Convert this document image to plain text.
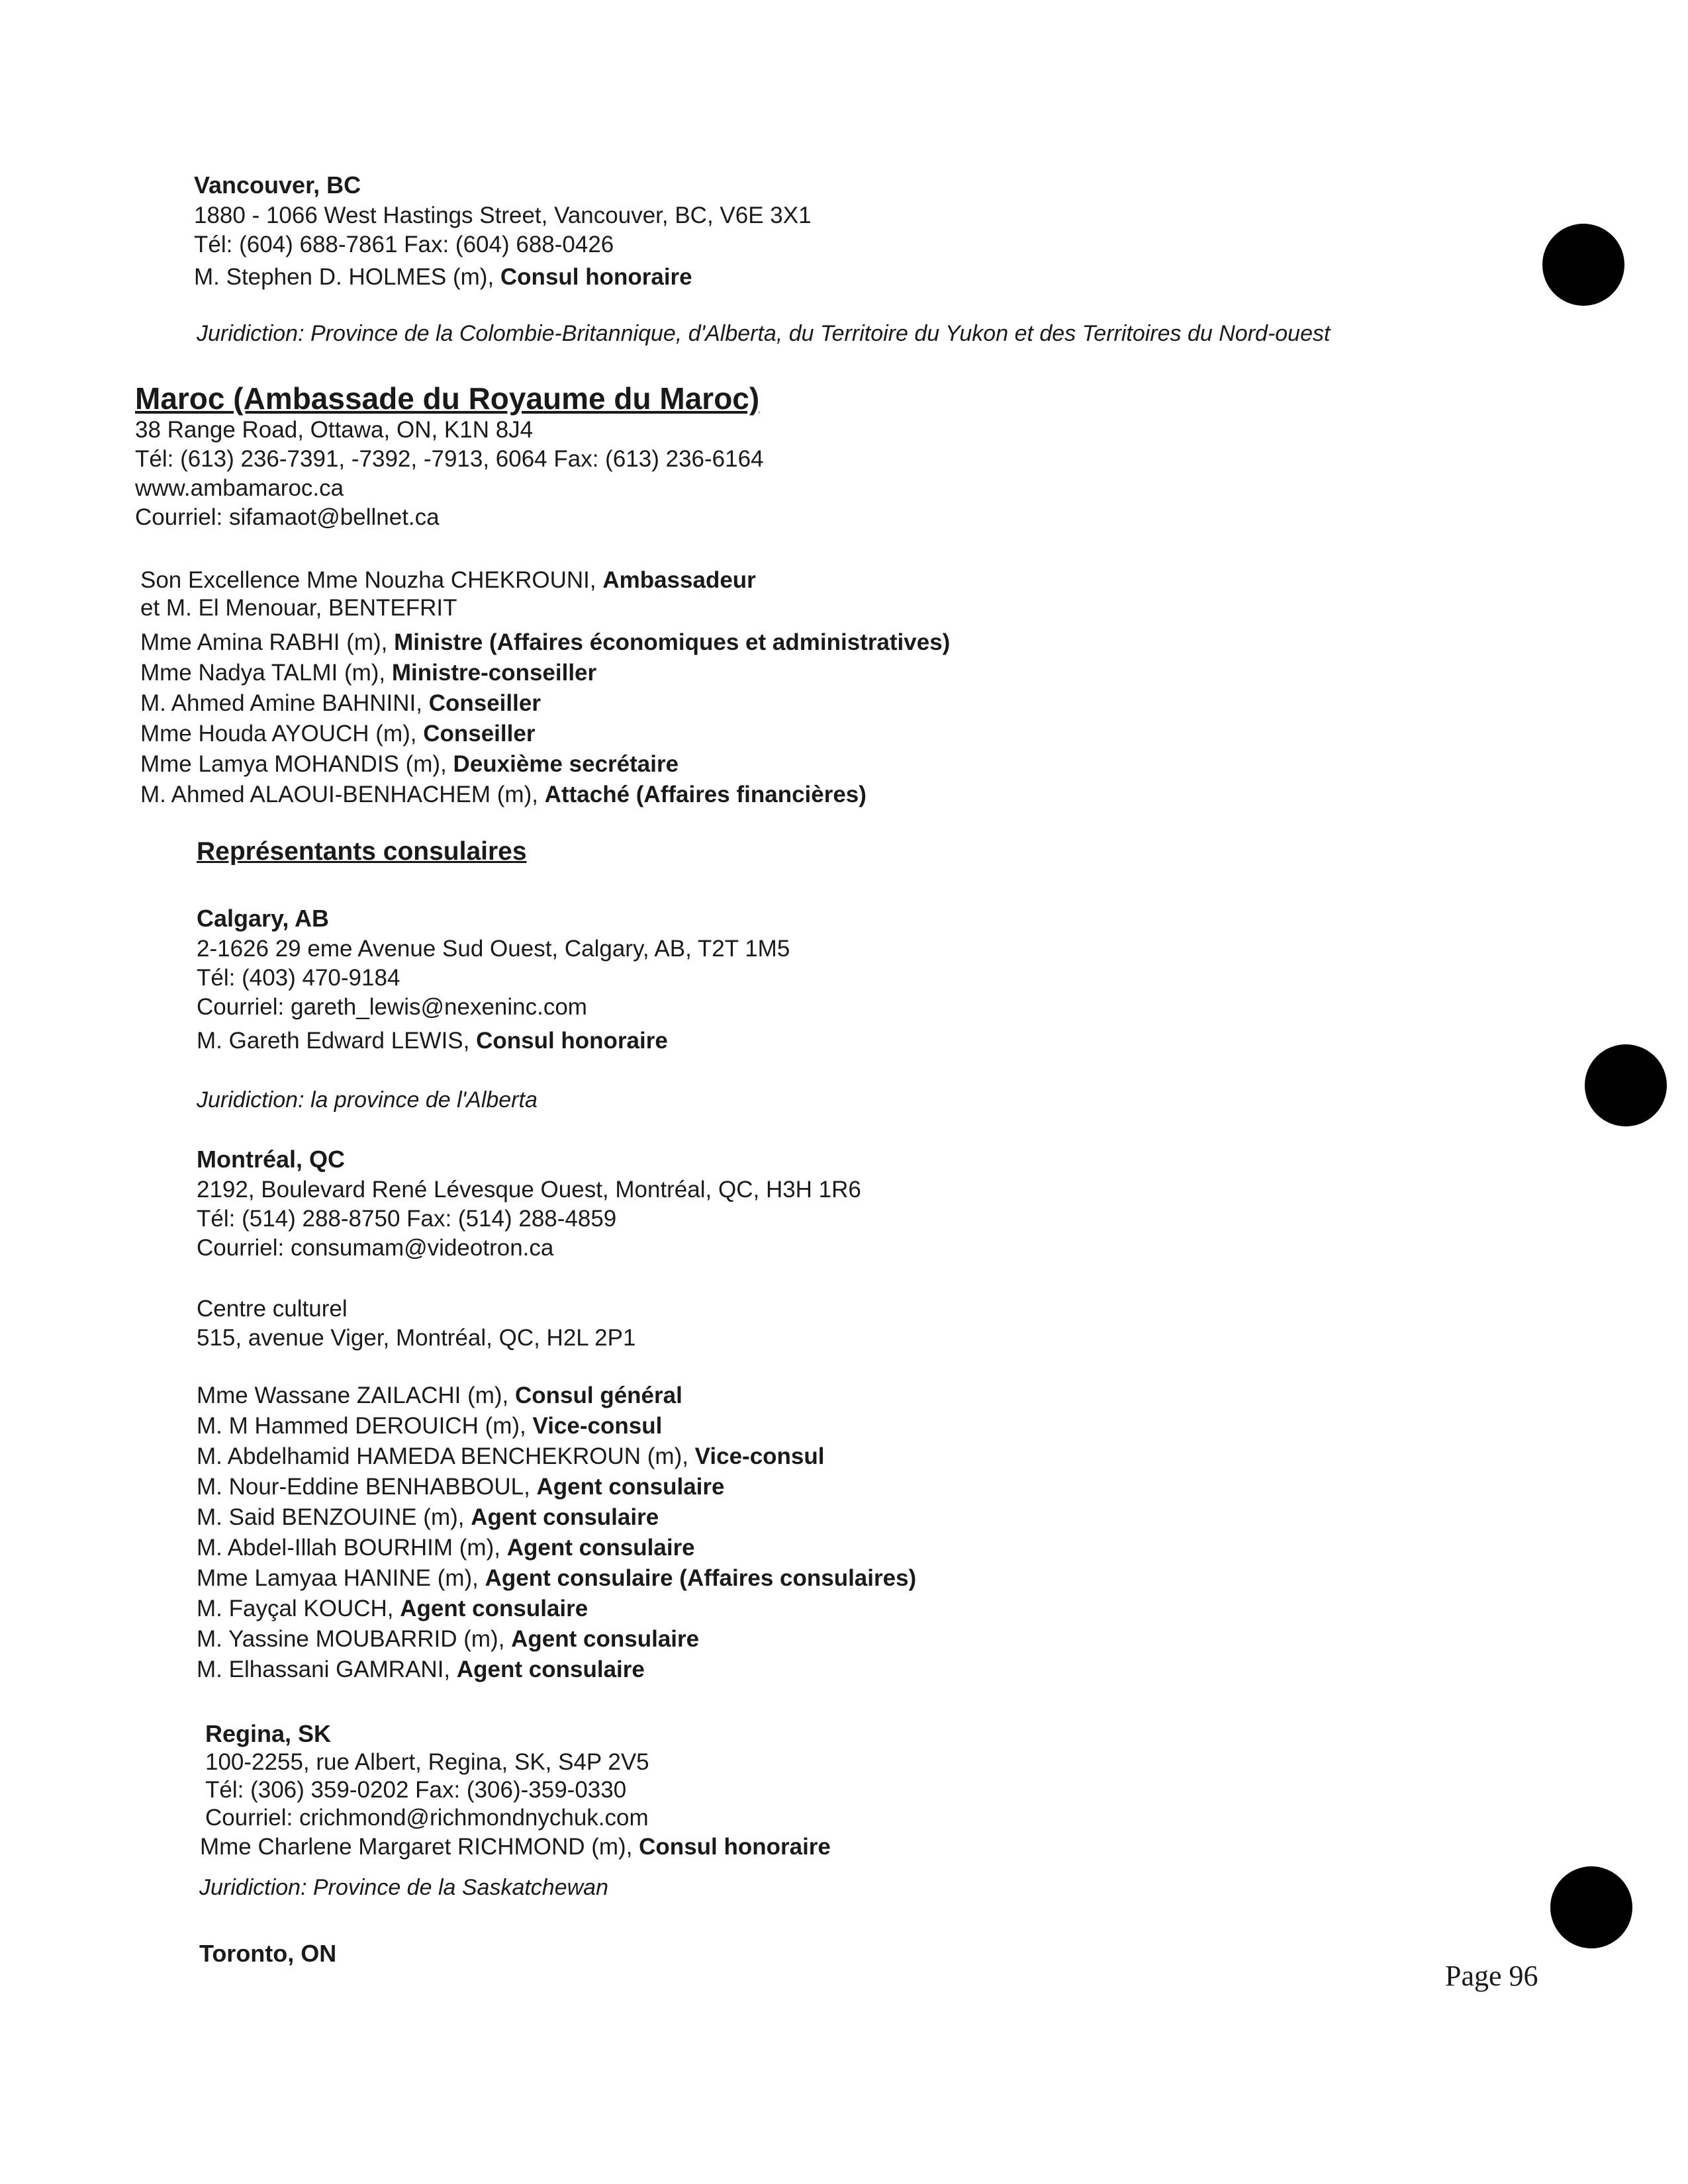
Vancouver, BC
1880 - 1066 West Hastings Street, Vancouver, BC, V6E 3X1
Tél: (604) 688-7861 Fax: (604) 688-0426
M. Stephen D. HOLMES (m), Consul honoraire
Juridiction: Province de la Colombie-Britannique, d'Alberta, du Territoire du Yukon et des Territoires du Nord-ouest
Maroc (Ambassade du Royaume du Maroc)
38 Range Road, Ottawa, ON, K1N 8J4
Tél: (613) 236-7391, -7392, -7913, 6064 Fax: (613) 236-6164
www.ambamaroc.ca
Courriel: sifamaot@bellnet.ca
Son Excellence Mme Nouzha CHEKROUNI, Ambassadeur
et M. El Menouar, BENTEFRIT
Mme Amina RABHI (m), Ministre (Affaires économiques et administratives)
Mme Nadya TALMI (m), Ministre-conseiller
M. Ahmed Amine BAHNINI, Conseiller
Mme Houda AYOUCH (m), Conseiller
Mme Lamya MOHANDIS (m), Deuxième secrétaire
M. Ahmed ALAOUI-BENHACHEM (m), Attaché (Affaires financières)
Représentants consulaires
Calgary, AB
2-1626 29 eme Avenue Sud Ouest, Calgary, AB, T2T 1M5
Tél: (403) 470-9184
Courriel: gareth_lewis@nexeninc.com
M. Gareth Edward LEWIS, Consul honoraire
Juridiction: la province de l'Alberta
Montréal, QC
2192, Boulevard René Lévesque Ouest, Montréal, QC, H3H 1R6
Tél: (514) 288-8750 Fax: (514) 288-4859
Courriel: consumam@videotron.ca
Centre culturel
515, avenue Viger, Montréal, QC, H2L 2P1
Mme Wassane ZAILACHI (m), Consul général
M. M Hammed DEROUICH (m), Vice-consul
M. Abdelhamid HAMEDA BENCHEKROUN (m), Vice-consul
M. Nour-Eddine BENHABBOUL, Agent consulaire
M. Said BENZOUINE (m), Agent consulaire
M. Abdel-Illah BOURHIM (m), Agent consulaire
Mme Lamyaa HANINE (m), Agent consulaire (Affaires consulaires)
M. Fayçal KOUCH, Agent consulaire
M. Yassine MOUBARRID (m), Agent consulaire
M. Elhassani GAMRANI, Agent consulaire
Regina, SK
100-2255, rue Albert, Regina, SK, S4P 2V5
Tél: (306) 359-0202 Fax: (306)-359-0330
Courriel: crichmond@richmondnychuk.com
Mme Charlene Margaret RICHMOND (m), Consul honoraire
Juridiction: Province de la Saskatchewan
Toronto, ON
Page 96
